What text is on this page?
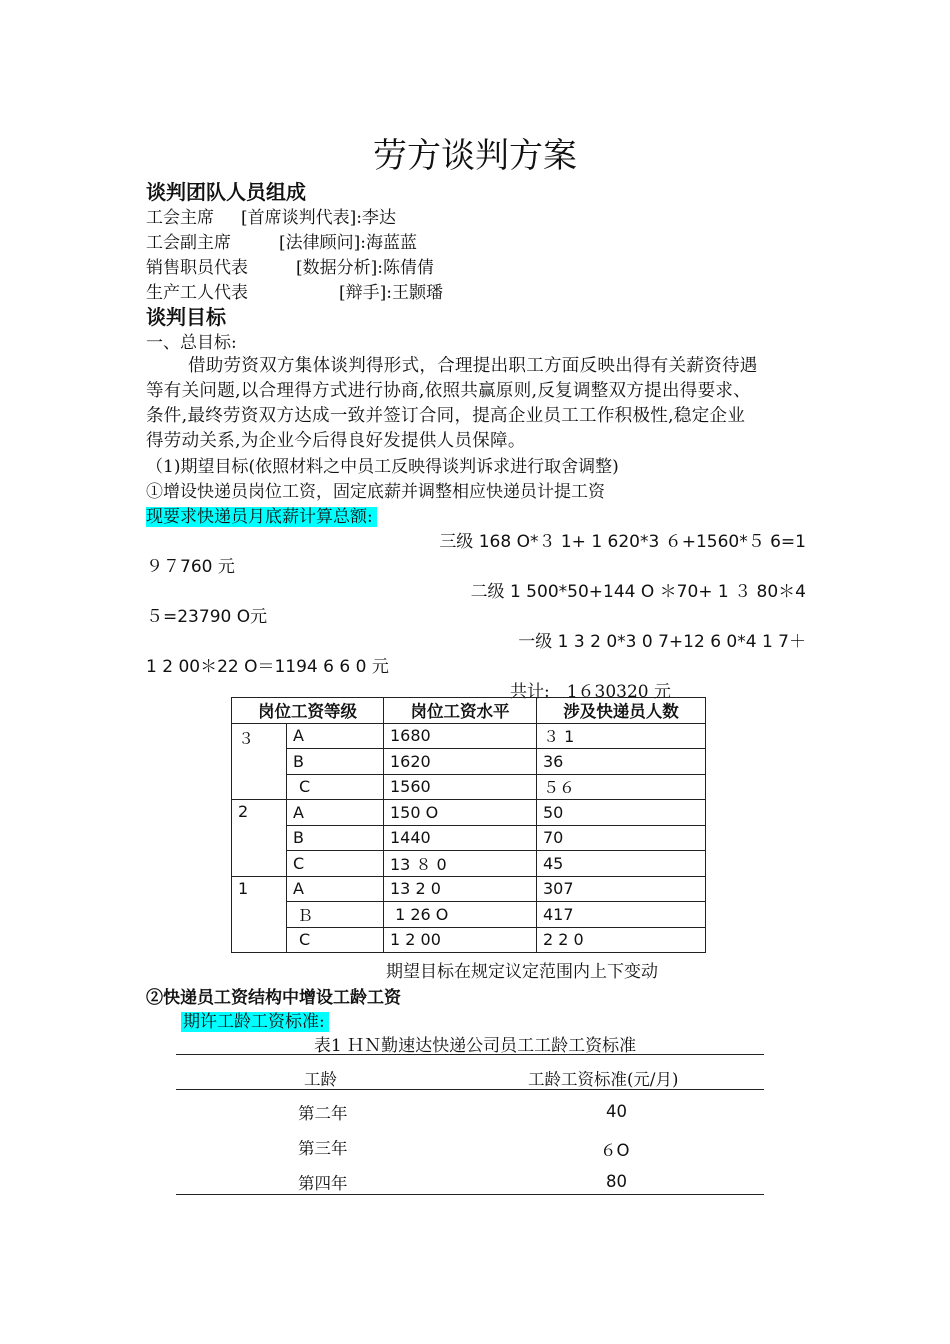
劳方谈判方案
谈判团队人员组成
工会主席 [首席谈判代表]:李达
工会副主席	[法律顾问]:海蓝蓝
销售职员代表	[数据分析]:陈倩倩
生产工人代表	[辩手]:王颢璠
谈判目标
一、总目标:
借助劳资双方集体谈判得形式，合理提出职工方面反映出得有关薪资待遇
等有关问题,以合理得方式进行协商,依照共赢原则,反复调整双方提出得要求、
条件,最终劳资双方达成一致并签订合同，提高企业员工工作积极性,稳定企业
得劳动关系,为企业今后得良好发提供人员保障。
（1)期望目标(依照材料之中员工反映得谈判诉求进行取舍调整)
①增设快递员岗位工资，固定底薪并调整相应快递员计提工资
现要求快递员月底薪计算总额:
三级 168 O*３ 1+ 1 620*3 ６+1560*５ 6=1
９７760 元
二级 1 500*50+144 O ＊70+ 1 ３ 80＊4
５=23790 O元
一级 1 3 2 0*3 0 7+12 6 0*4 1 7＋
1 2 00＊22 O＝1194 6 6 0 元
共计:　1６30320 元
岗位工资等级		岗位工资水平	涉及快递员人数
３	A	1680	３ 1
	B	1620	36
	C	1560	５６
2	A	150 O	50
	B	1440	70
	C	13 ８ 0	45
1	A	13 2 0	307
	Ｂ	1 26 O	417
	C	1 2 00	2 2 0
期望目标在规定议定范围内上下变动
②快递员工资结构中增设工龄工资
期许工龄工资标准:
表1 ＨＮ勤速达快递公司员工工龄工资标准
工龄	工龄工资标准(元/月)
第二年	40
第三年	６O
第四年	80
